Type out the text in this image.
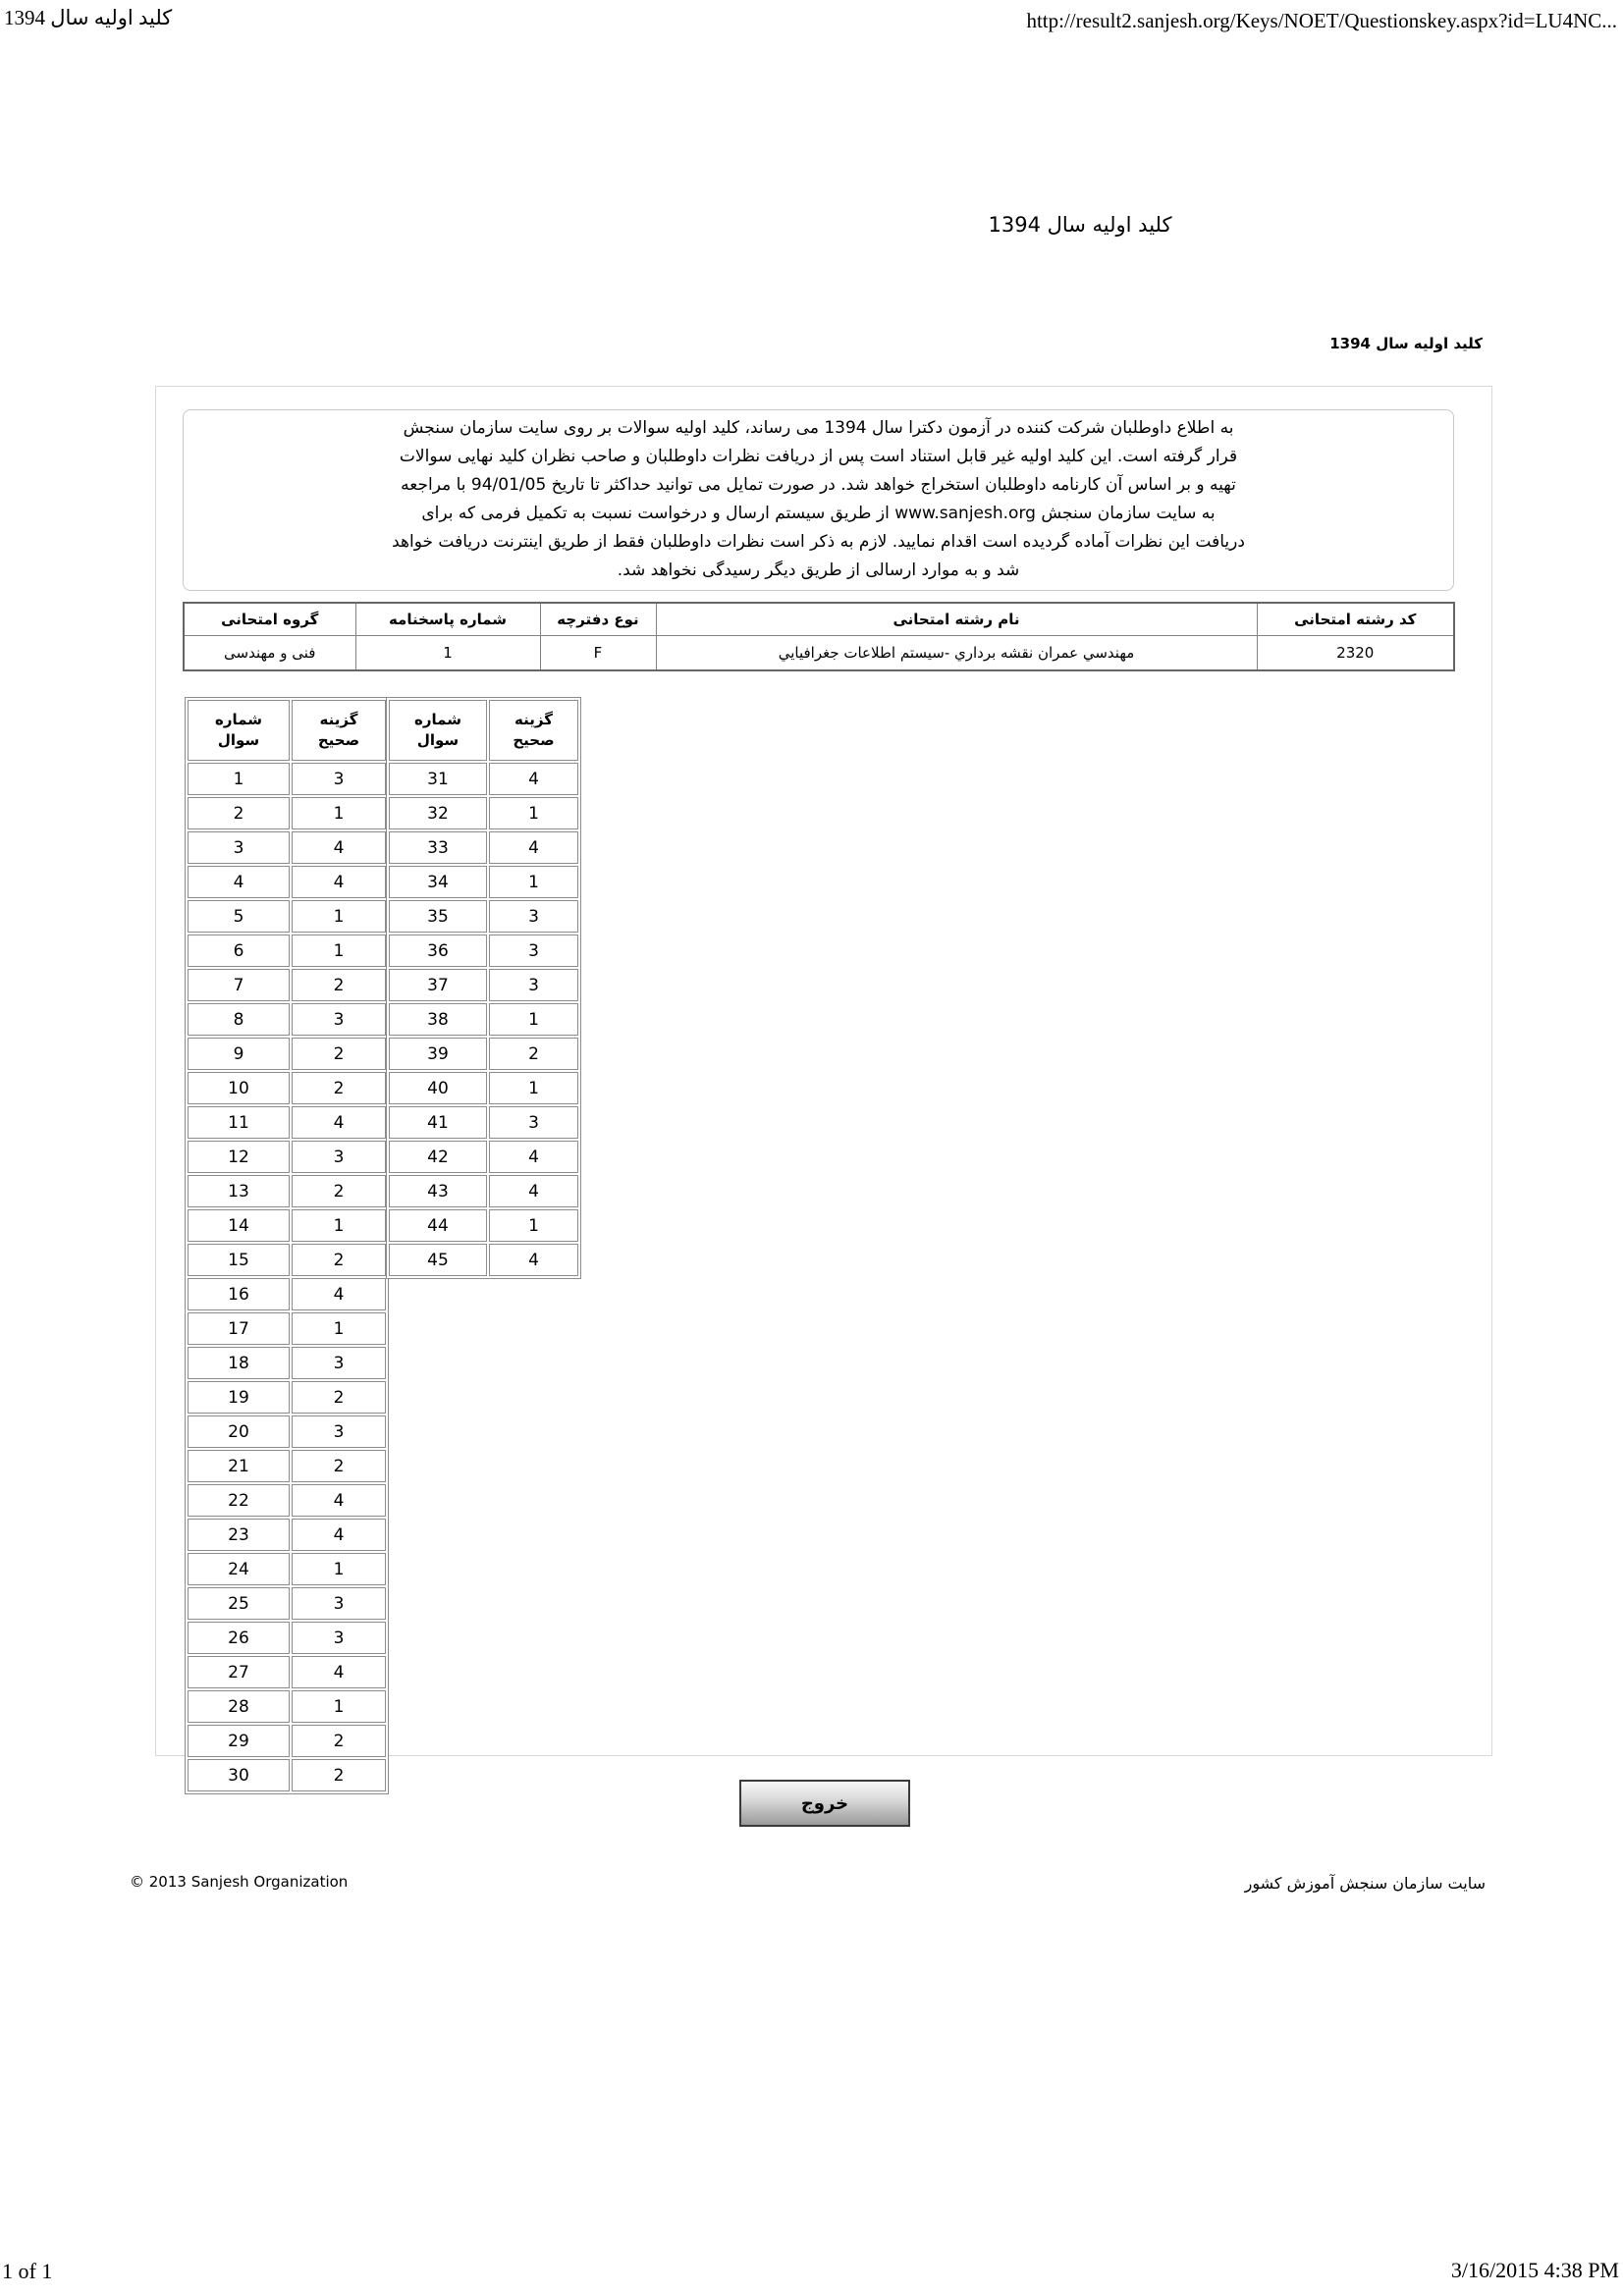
کلید اولیه سال 1394	http://result2.sanjesh.org/Keys/NOET/Questionskey.aspx?id=LU4NC...
کلید اولیه سال 1394
کلید اولیه سال 1394
به اطلاع داوطلبان شرکت کننده در آزمون دکترا سال 1394 می رساند، کلید اولیه سوالات بر روی سایت سازمان سنجش
قرار گرفته است. این کلید اولیه غیر قابل استناد است پس از دریافت نظرات داوطلبان و صاحب نظران کلید نهایی سوالات
تهیه و بر اساس آن کارنامه داوطلبان استخراج خواهد شد. در صورت تمایل می توانید حداکثر تا تاریخ 94/01/05 با مراجعه
به سایت سازمان سنجش www.sanjesh.org از طریق سیستم ارسال و درخواست نسبت به تکمیل فرمی که برای
دریافت این نظرات آماده گردیده است اقدام نمایید. لازم به ذکر است نظرات داوطلبان فقط از طریق اینترنت دریافت خواهد
شد و به موارد ارسالی از طریق دیگر رسیدگی نخواهد شد.
گروه امتحانی	شماره پاسخنامه	نوع دفترچه	نام رشته امتحانی	کد رشته امتحانی
فنی و مهندسی	1	F	مهندسي عمران نقشه برداري -سيستم اطلاعات جغرافيايي	2320
شماره
سوال	گزینه
صحیح
1	3
2	1
3	4
4	4
5	1
6	1
7	2
8	3
9	2
10	2
11	4
12	3
13	2
14	1
15	2
16	4
17	1
18	3
19	2
20	3
21	2
22	4
23	4
24	1
25	3
26	3
27	4
28	1
29	2
30	2
شماره
سوال	گزینه
صحیح
31	4
32	1
33	4
34	1
35	3
36	3
37	3
38	1
39	2
40	1
41	3
42	4
43	4
44	1
45	4
خروج
© 2013 Sanjesh Organization	سایت سازمان سنجش آموزش کشور
1 of 1	3/16/2015 4:38 PM
